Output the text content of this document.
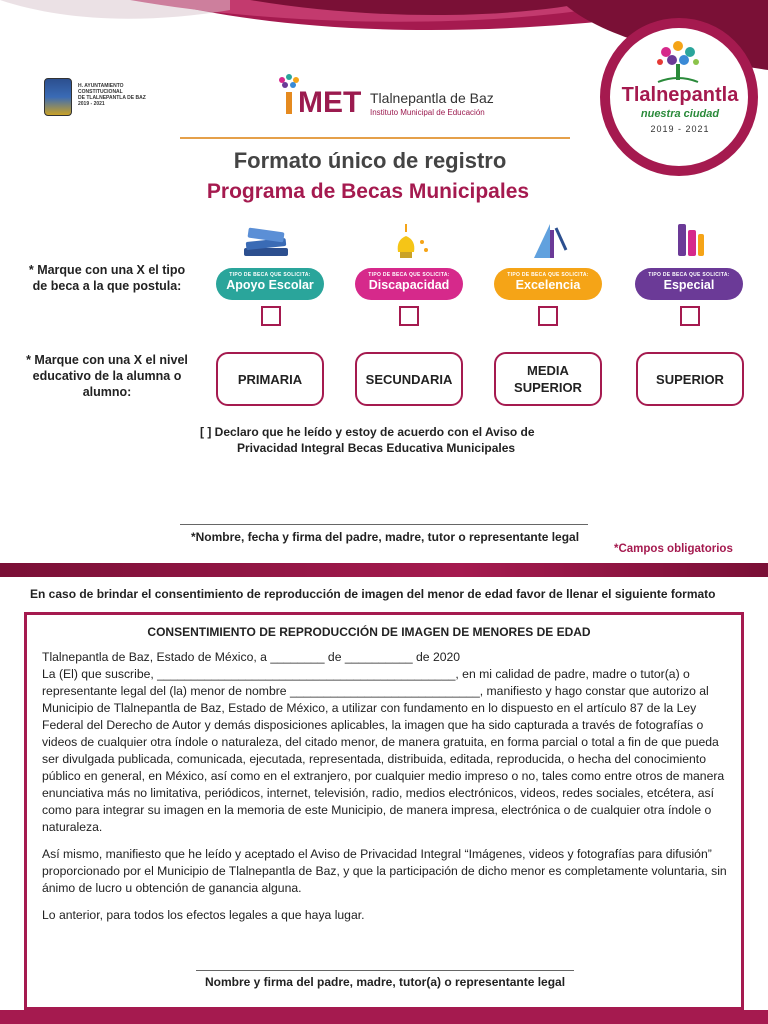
H. AYUNTAMIENTO
CONSTITUCIONAL
DE TLALNEPANTLA DE BAZ
2019 - 2021	MET Tlalnepantla de Baz
Instituto Municipal de Educación
Tlalnepantla
nuestra ciudad
2019 - 2021
Formato único de registro
Programa de Becas Municipales
* Marque con una X el tipo de beca a la que postula:
* Marque con una X el nivel educativo de la alumna o alumno:
TIPO DE BECA QUE SOLICITA:
Apoyo Escolar
TIPO DE BECA QUE SOLICITA:
Discapacidad
TIPO DE BECA QUE SOLICITA:
Excelencia
TIPO DE BECA QUE SOLICITA:
Especial
PRIMARIA	SECUNDARIA
MEDIA
SUPERIOR
SUPERIOR
[ ] Declaro que he leído y estoy de acuerdo con el Aviso de
Privacidad Integral Becas Educativa Municipales
*Nombre, fecha y firma del padre, madre, tutor o representante legal
*Campos obligatorios
En caso de brindar el consentimiento de reproducción de imagen del menor de edad favor de llenar el siguiente formato
CONSENTIMIENTO DE REPRODUCCIÓN DE IMAGEN DE MENORES DE EDAD

Tlalnepantla de Baz, Estado de México, a ________ de __________ de 2020
La (El) que suscribe, ____________________________________________, en mi calidad de padre, madre o tutor(a) o representante legal del (la) menor de nombre ____________________________, manifiesto y hago constar que autorizo al Municipio de Tlalnepantla de Baz, Estado de México, a utilizar con fundamento en lo dispuesto en el artículo 87 de la Ley Federal del Derecho de Autor y demás disposiciones aplicables, la imagen que ha sido capturada a través de fotografías o videos de cualquier otra índole o naturaleza, del citado menor, de manera gratuita, en forma parcial o total a fin de que pueda ser divulgada publicada, comunicada, ejecutada, representada, distribuida, editada, reproducida, o hecha del conocimiento público en general, en México, así como en el extranjero, por cualquier medio impreso o no, tales como entre otros de manera enunciativa más no limitativa, periódicos, internet, televisión, radio, medios electrónicos, videos, redes sociales, etcétera, así como para integrar su imagen en la memoria de este Municipio, de manera impresa, electrónica o de cualquier otra índole o naturaleza.

Así mismo, manifiesto que he leído y aceptado el Aviso de Privacidad Integral “Imágenes, videos y fotografías para difusión” proporcionado por el Municipio de Tlalnepantla de Baz, y que la participación de dicho menor es completamente voluntaria, sin ánimo de lucro u obtención de ganancia alguna.

Lo anterior, para todos los efectos legales a que haya lugar.

Nombre y firma del padre, madre, tutor(a) o representante legal
